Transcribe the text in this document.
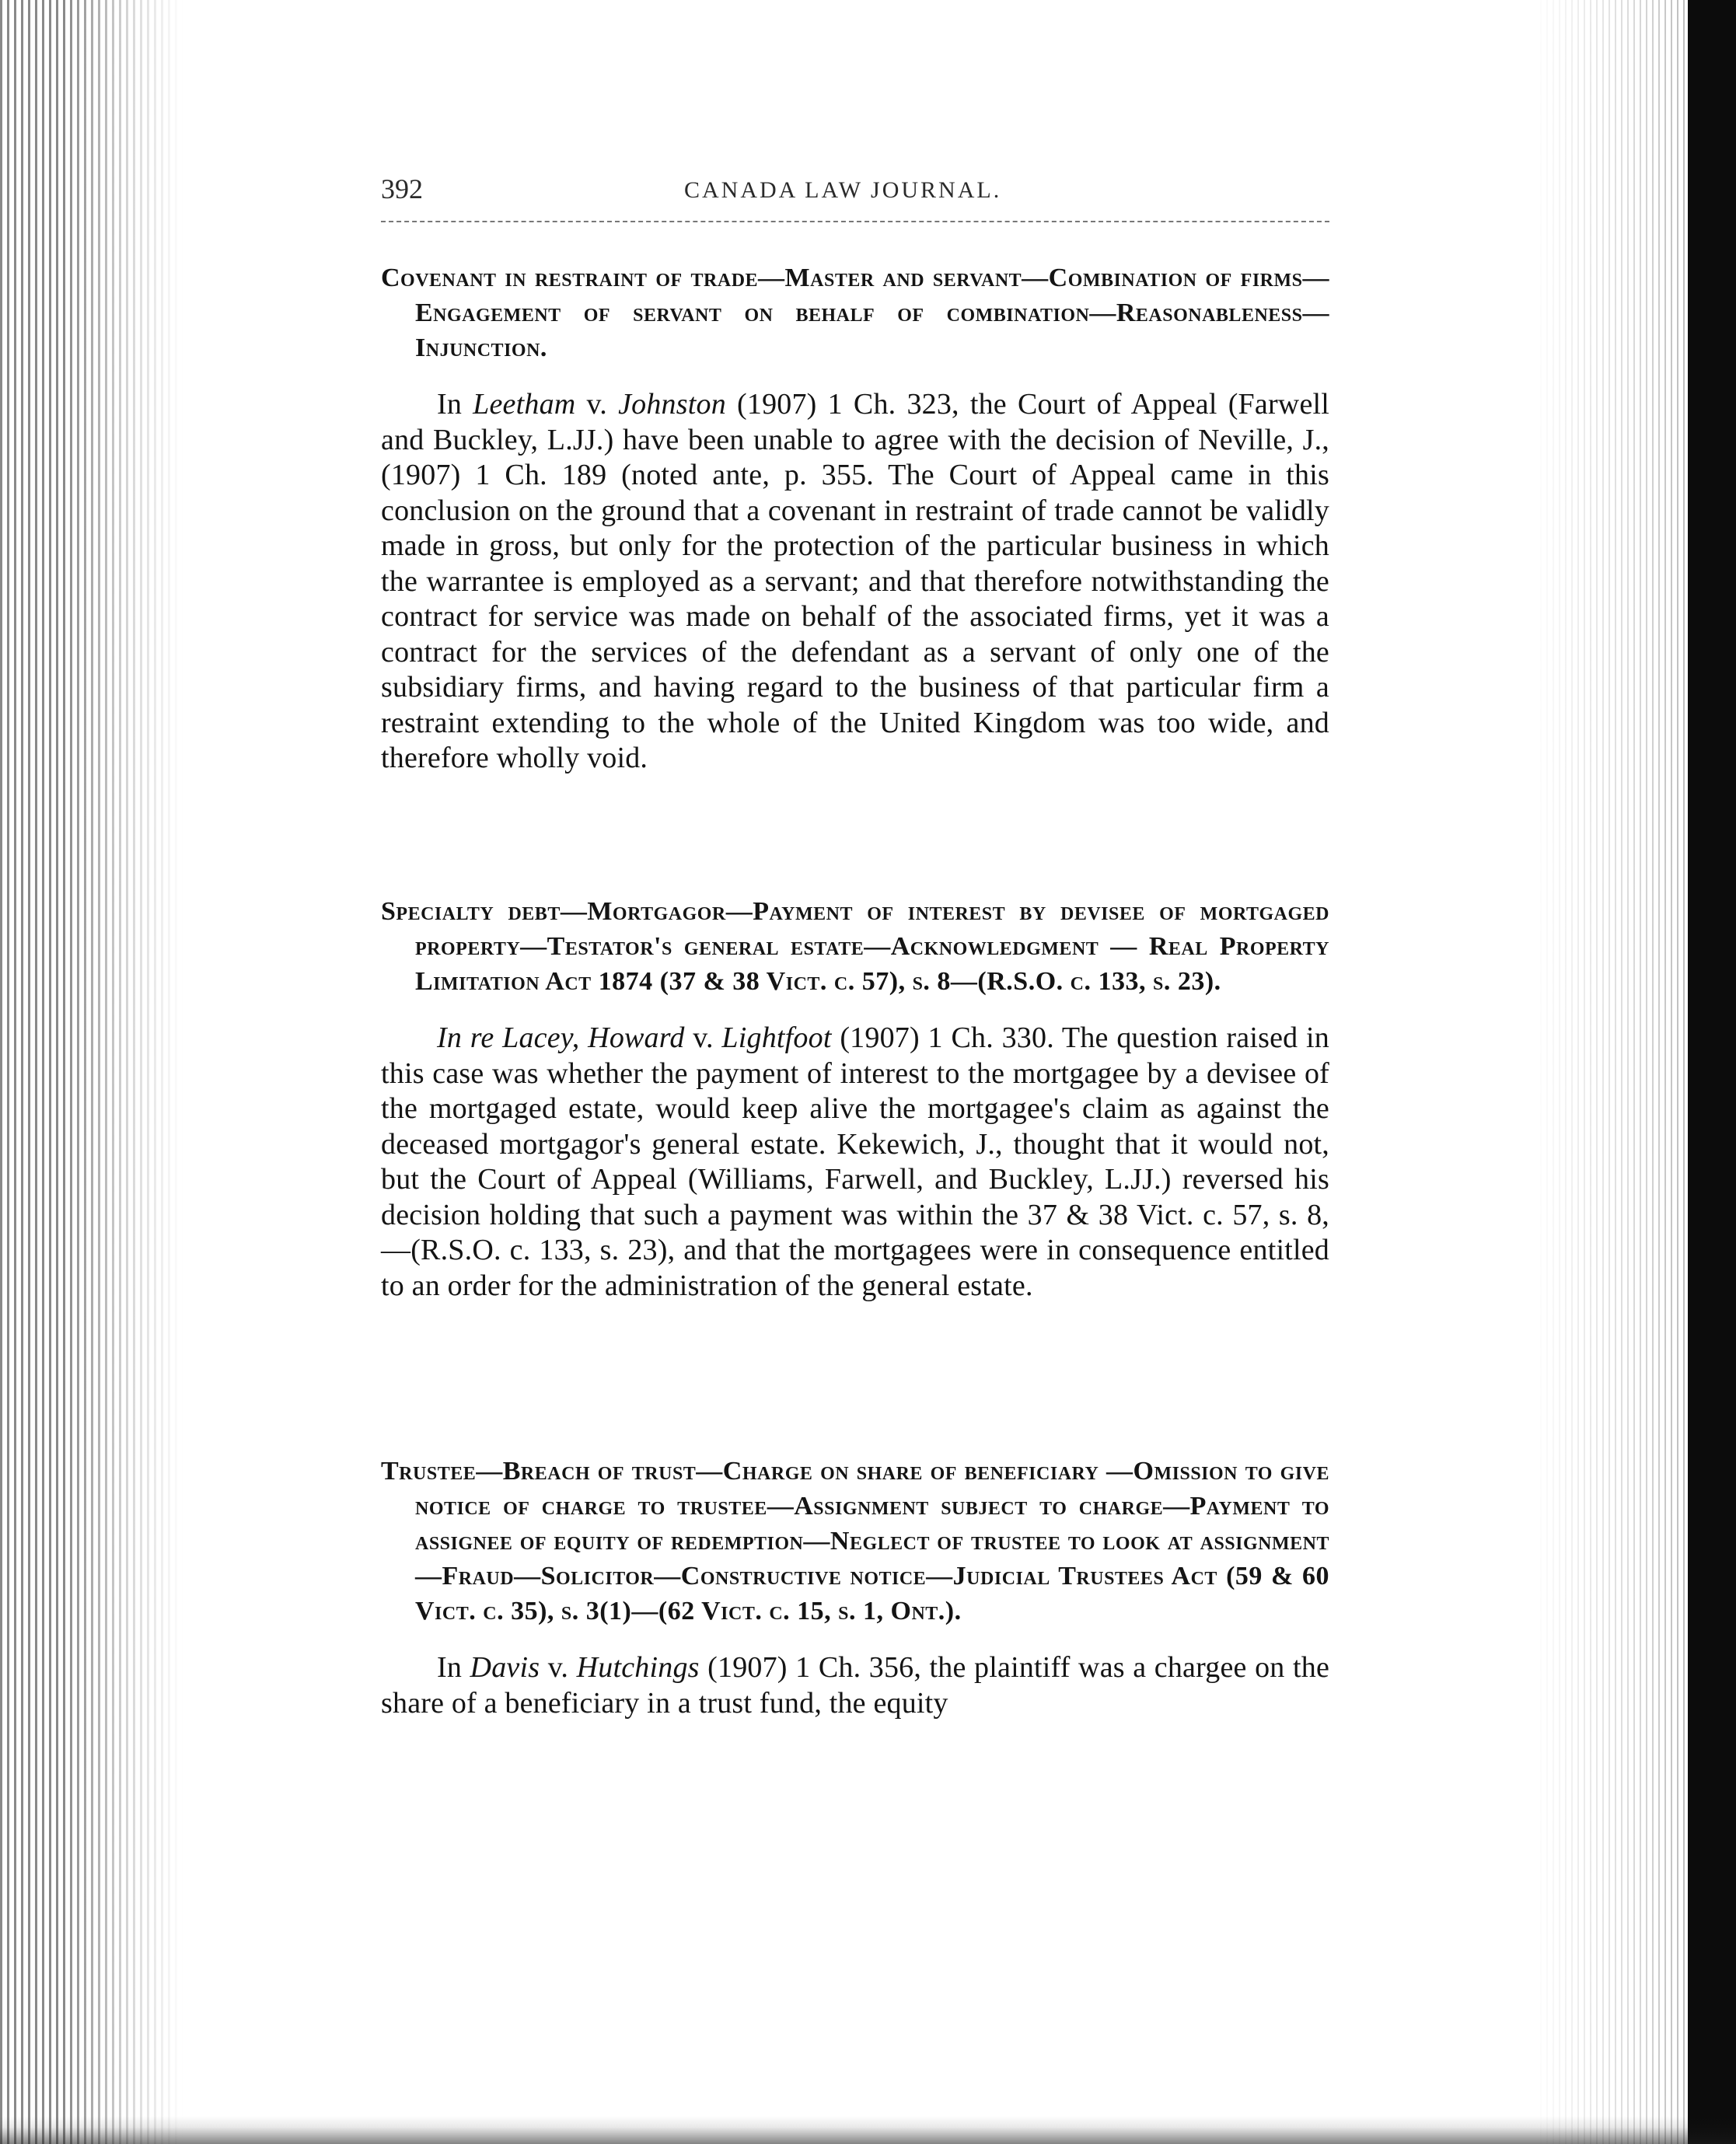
392	CANADA LAW JOURNAL.

Covenant in restraint of trade—Master and servant—Combination of firms—Engagement of servant on behalf of combination—Reasonableness—Injunction.

In Leetham v. Johnston (1907) 1 Ch. 323, the Court of Appeal (Farwell and Buckley, L.JJ.) have been unable to agree with the decision of Neville, J., (1907) 1 Ch. 189 (noted ante, p. 355. The Court of Appeal came in this conclusion on the ground that a covenant in restraint of trade cannot be validly made in gross, but only for the protection of the particular business in which the warrantee is employed as a servant; and that therefore notwithstanding the contract for service was made on behalf of the associated firms, yet it was a contract for the services of the defendant as a servant of only one of the subsidiary firms, and having regard to the business of that particular firm a restraint extending to the whole of the United Kingdom was too wide, and therefore wholly void.

Specialty debt—Mortgagor—Payment of interest by devisee of mortgaged property—Testator's general estate—Acknowledgment — Real Property Limitation Act 1874 (37 & 38 Vict. c. 57), s. 8—(R.S.O. c. 133, s. 23).

In re Lacey, Howard v. Lightfoot (1907) 1 Ch. 330. The question raised in this case was whether the payment of interest to the mortgagee by a devisee of the mortgaged estate, would keep alive the mortgagee's claim as against the deceased mortgagor's general estate. Kekewich, J., thought that it would not, but the Court of Appeal (Williams, Farwell, and Buckley, L.JJ.) reversed his decision holding that such a payment was within the 37 & 38 Vict. c. 57, s. 8,—(R.S.O. c. 133, s. 23), and that the mortgagees were in consequence entitled to an order for the administration of the general estate.

Trustee—Breach of trust—Charge on share of beneficiary —Omission to give notice of charge to trustee—Assignment subject to charge—Payment to assignee of equity of redemption—Neglect of trustee to look at assignment—Fraud—Solicitor—Constructive notice—Judicial Trustees Act (59 & 60 Vict. c. 35), s. 3(1)—(62 Vict. c. 15, s. 1, Ont.).

In Davis v. Hutchings (1907) 1 Ch. 356, the plaintiff was a chargee on the share of a beneficiary in a trust fund, the equity
